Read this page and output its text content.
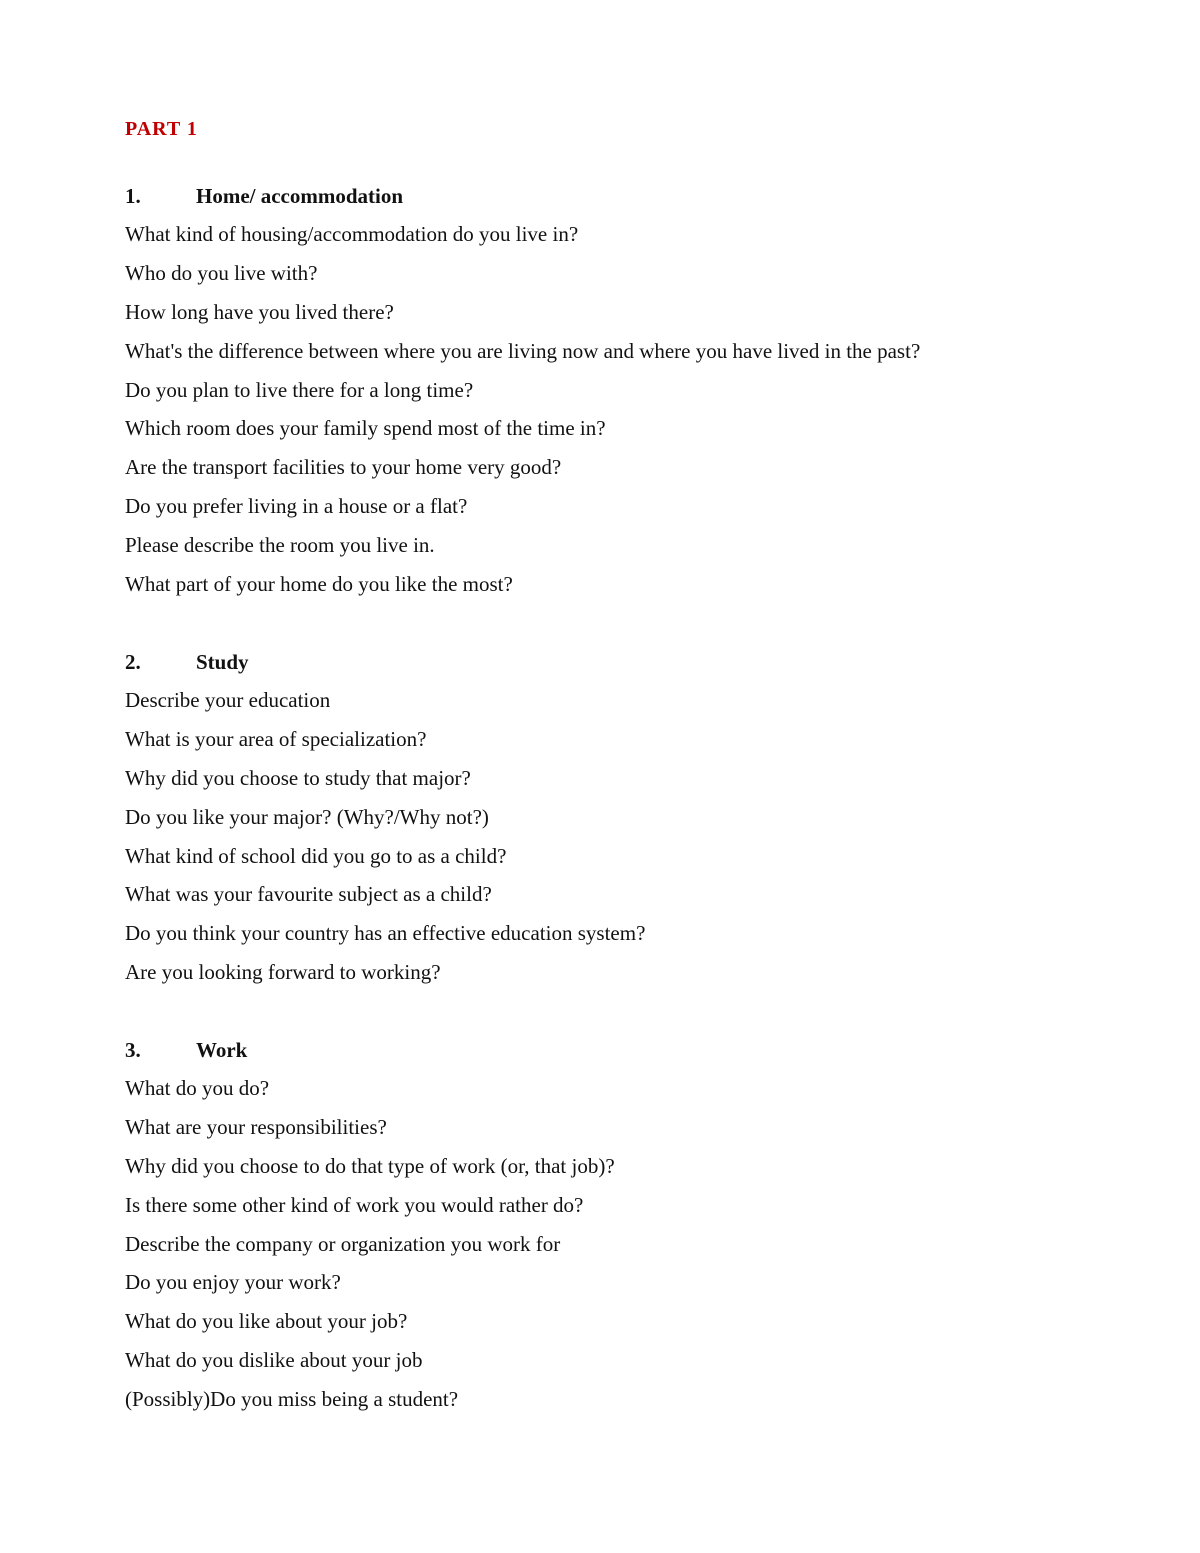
PART 1
1.	Home/ accommodation
What kind of housing/accommodation do you live in?
Who do you live with?
How long have you lived there?
What's the difference between where you are living now and where you have lived in the past?
Do you plan to live there for a long time?
Which room does your family spend most of the time in?
Are the transport facilities to your home very good?
Do you prefer living in a house or a flat?
Please describe the room you live in.
What part of your home do you like the most?
2.	Study
Describe your education
What is your area of specialization?
Why did you choose to study that major?
Do you like your major? (Why?/Why not?)
What kind of school did you go to as a child?
What was your favourite subject as a child?
Do you think your country has an effective education system?
Are you looking forward to working?
3.	Work
What do you do?
What are your responsibilities?
Why did you choose to do that type of work (or, that job)?
Is there some other kind of work you would rather do?
Describe the company or organization you work for
Do you enjoy your work?
What do you like about your job?
What do you dislike about your job
(Possibly)Do you miss being a student?
